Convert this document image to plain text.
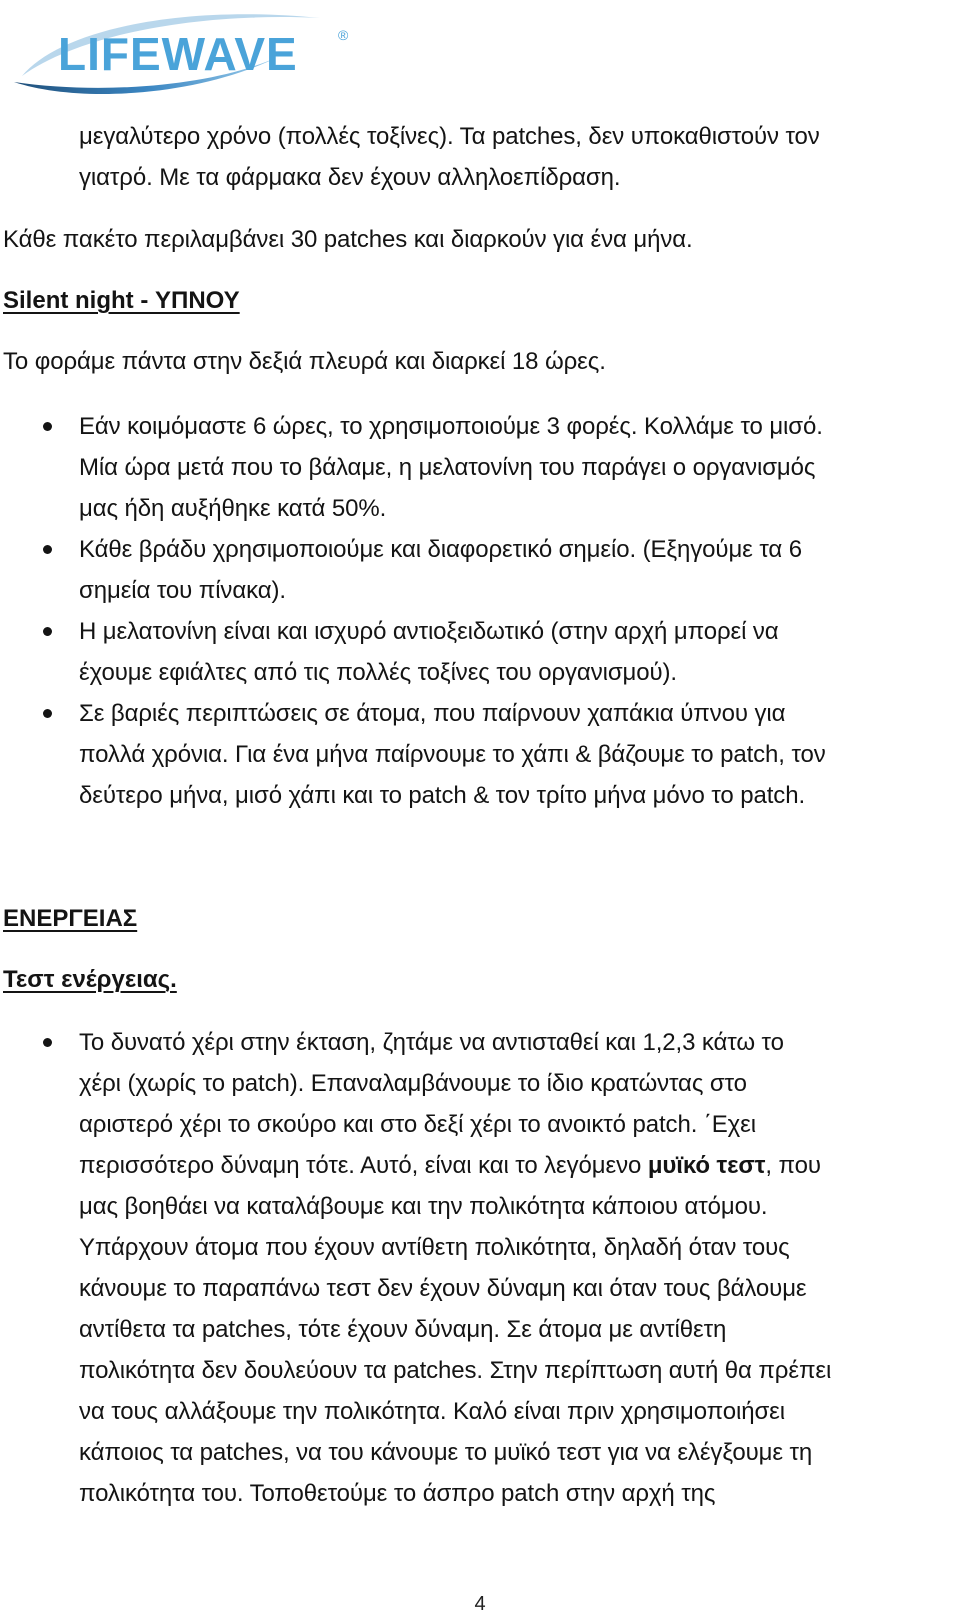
LIFEWAVE	®
μεγαλύτερο χρόνο (πολλές τοξίνες). Τα patches, δεν υποκαθιστούν τον
γιατρό. Με τα φάρμακα δεν έχουν αλληλοεπίδραση.
Κάθε πακέτο περιλαμβάνει 30 patches και διαρκούν για ένα μήνα.
Silent night - ΥΠΝΟΥ
Το φοράμε πάντα στην δεξιά πλευρά και διαρκεί 18 ώρες.
Εάν κοιμόμαστε 6 ώρες, το χρησιμοποιούμε 3 φορές. Κολλάμε το μισό.
Μία ώρα μετά που το βάλαμε, η μελατονίνη του παράγει ο οργανισμός
μας ήδη αυξήθηκε κατά 50%.
Κάθε βράδυ χρησιμοποιούμε και διαφορετικό σημείο. (Εξηγούμε τα 6
σημεία του πίνακα).
Η μελατονίνη είναι και ισχυρό αντιοξειδωτικό (στην αρχή μπορεί να
έχουμε εφιάλτες από τις πολλές τοξίνες του οργανισμού).
Σε βαριές περιπτώσεις σε άτομα, που παίρνουν χαπάκια ύπνου για
πολλά χρόνια. Για ένα μήνα παίρνουμε το χάπι & βάζουμε το patch, τον
δεύτερο μήνα, μισό χάπι και το patch & τον τρίτο μήνα μόνο το patch.
ΕΝΕΡΓΕΙΑΣ
Τεστ ενέργειας.
Το δυνατό χέρι στην έκταση, ζητάμε να αντισταθεί και 1,2,3 κάτω το
χέρι (χωρίς το patch). Επαναλαμβάνουμε το ίδιο κρατώντας στο
αριστερό χέρι το σκούρο και στο δεξί χέρι το ανοικτό patch. ΄Εχει
περισσότερο δύναμη τότε. Αυτό, είναι και το λεγόμενο μυϊκό τεστ, που
μας βοηθάει να καταλάβουμε και την πολικότητα κάποιου ατόμου.
Υπάρχουν άτομα που έχουν αντίθετη πολικότητα, δηλαδή όταν τους
κάνουμε το παραπάνω τεστ δεν έχουν δύναμη και όταν τους βάλουμε
αντίθετα τα patches, τότε έχουν δύναμη. Σε άτομα με αντίθετη
πολικότητα δεν δουλεύουν τα patches. Στην περίπτωση αυτή θα πρέπει
να τους αλλάξουμε την πολικότητα. Καλό είναι πριν χρησιμοποιήσει
κάποιος τα patches, να του κάνουμε το μυϊκό τεστ για να ελέγξουμε τη
πολικότητα του. Τοποθετούμε το άσπρο patch στην αρχή της
4
